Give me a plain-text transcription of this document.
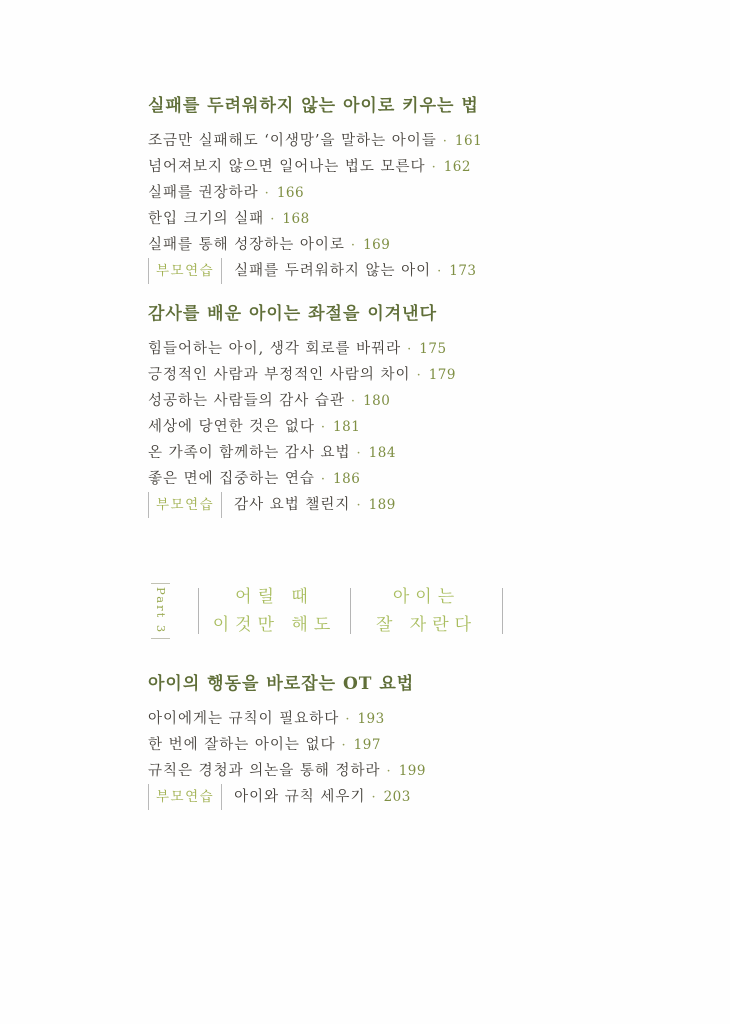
실패를 두려워하지 않는 아이로 키우는 법
조금만 실패해도 ‘이생망’을 말하는 아이들 · 161
넘어져보지 않으면 일어나는 법도 모른다 · 162
실패를 권장하라 · 166
한입 크기의 실패 · 168
실패를 통해 성장하는 아이로 · 169
부모연습	실패를 두려워하지 않는 아이 · 173
감사를 배운 아이는 좌절을 이겨낸다
힘들어하는 아이, 생각 회로를 바꿔라 · 175
긍정적인 사람과 부정적인 사람의 차이 · 179
성공하는 사람들의 감사 습관 · 180
세상에 당연한 것은 없다 · 181
온 가족이 함께하는 감사 요법 · 184
좋은 면에 집중하는 연습 · 186
부모연습	감사 요법 챌린지 · 189
Part 3	어릴 때
이것만 해도
아이는
잘 자란다
아이의 행동을 바로잡는 OT 요법
아이에게는 규칙이 필요하다 · 193
한 번에 잘하는 아이는 없다 · 197
규칙은 경청과 의논을 통해 정하라 · 199
부모연습	아이와 규칙 세우기 · 203
